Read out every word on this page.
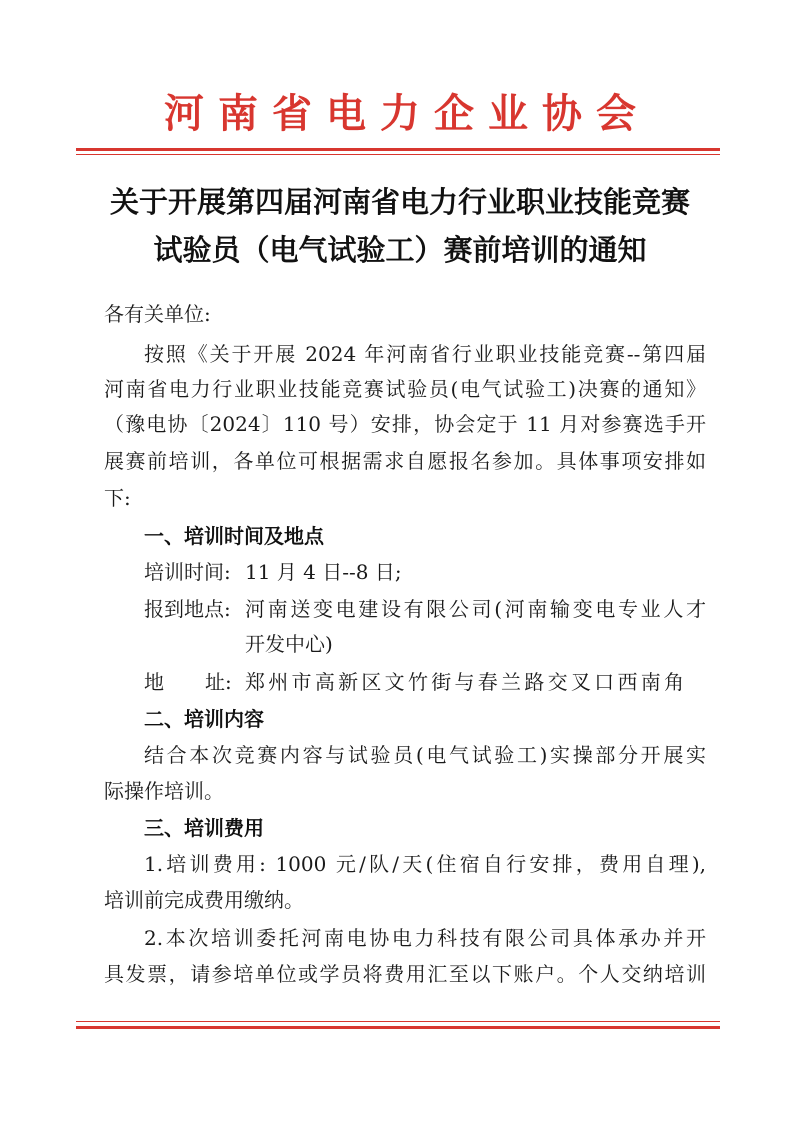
河南省电力企业协会
关于开展第四届河南省电力行业职业技能竞赛
试验员（电气试验工）赛前培训的通知
各有关单位:
按照《关于开展 2024 年河南省行业职业技能竞赛--第四届
河南省电力行业职业技能竞赛试验员(电气试验工)决赛的通知》
（豫电协〔2024〕110 号）安排，协会定于 11 月对参赛选手开
展赛前培训，各单位可根据需求自愿报名参加。具体事项安排如
下:
一、培训时间及地点
培训时间: 11 月 4 日--8 日;
报到地点: 河南送变电建设有限公司(河南输变电专业人才
开发中心)
地 址: 郑州市高新区文竹街与春兰路交叉口西南角
二、培训内容
结合本次竞赛内容与试验员(电气试验工)实操部分开展实
际操作培训。
三、培训费用
1.培训费用: 1000 元/队/天(住宿自行安排，费用自理),
培训前完成费用缴纳。
2.本次培训委托河南电协电力科技有限公司具体承办并开
具发票，请参培单位或学员将费用汇至以下账户。个人交纳培训
